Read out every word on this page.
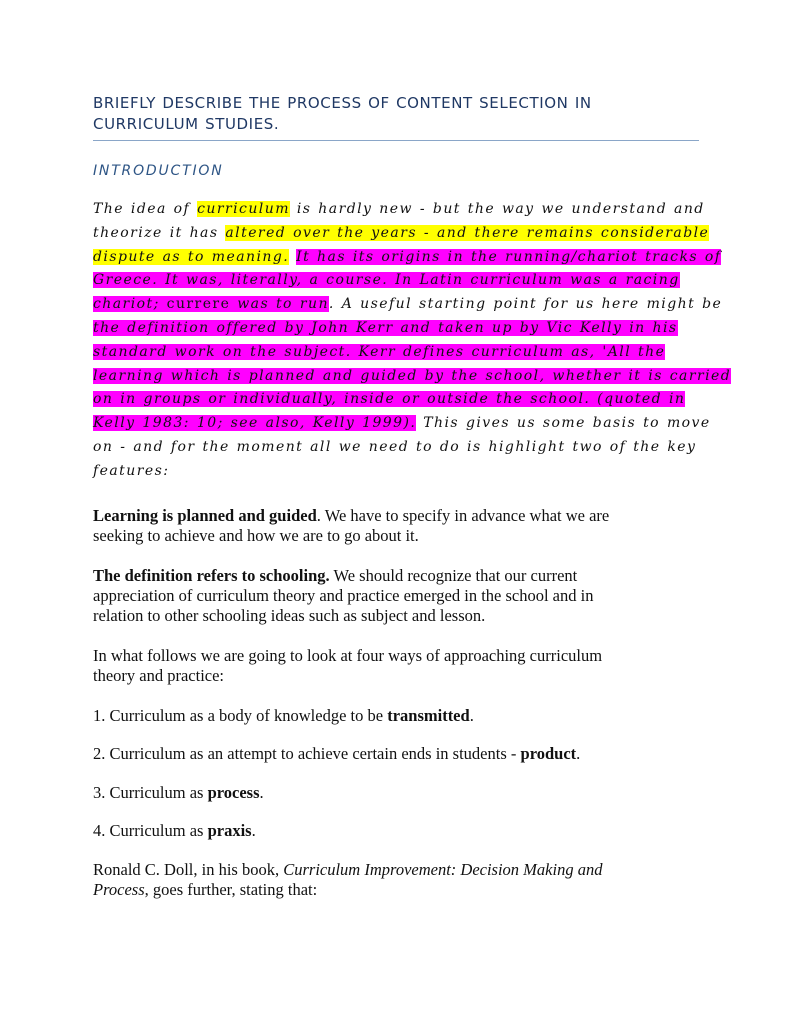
BRIEFLY DESCRIBE THE PROCESS OF CONTENT SELECTION IN CURRICULUM STUDIES.
INTRODUCTION

The idea of curriculum is hardly new - but the way we understand and
theorize it has altered over the years - and there remains considerable
dispute as to meaning. It has its origins in the running/chariot tracks of
Greece. It was, literally, a course. In Latin curriculum was a racing
chariot; currere was to run. A useful starting point for us here might be
the definition offered by John Kerr and taken up by Vic Kelly in his
standard work on the subject. Kerr defines curriculum as, 'All the
learning which is planned and guided by the school, whether it is carried
on in groups or individually, inside or outside the school. (quoted in
Kelly 1983: 10; see also, Kelly 1999). This gives us some basis to move
on - and for the moment all we need to do is highlight two of the key
features:

Learning is planned and guided. We have to specify in advance what we are
seeking to achieve and how we are to go about it.

The definition refers to schooling. We should recognize that our current
appreciation of curriculum theory and practice emerged in the school and in
relation to other schooling ideas such as subject and lesson.

In what follows we are going to look at four ways of approaching curriculum
theory and practice:

1. Curriculum as a body of knowledge to be transmitted.

2. Curriculum as an attempt to achieve certain ends in students - product.

3. Curriculum as process.

4. Curriculum as praxis.

Ronald C. Doll, in his book, Curriculum Improvement: Decision Making and
Process, goes further, stating that:
